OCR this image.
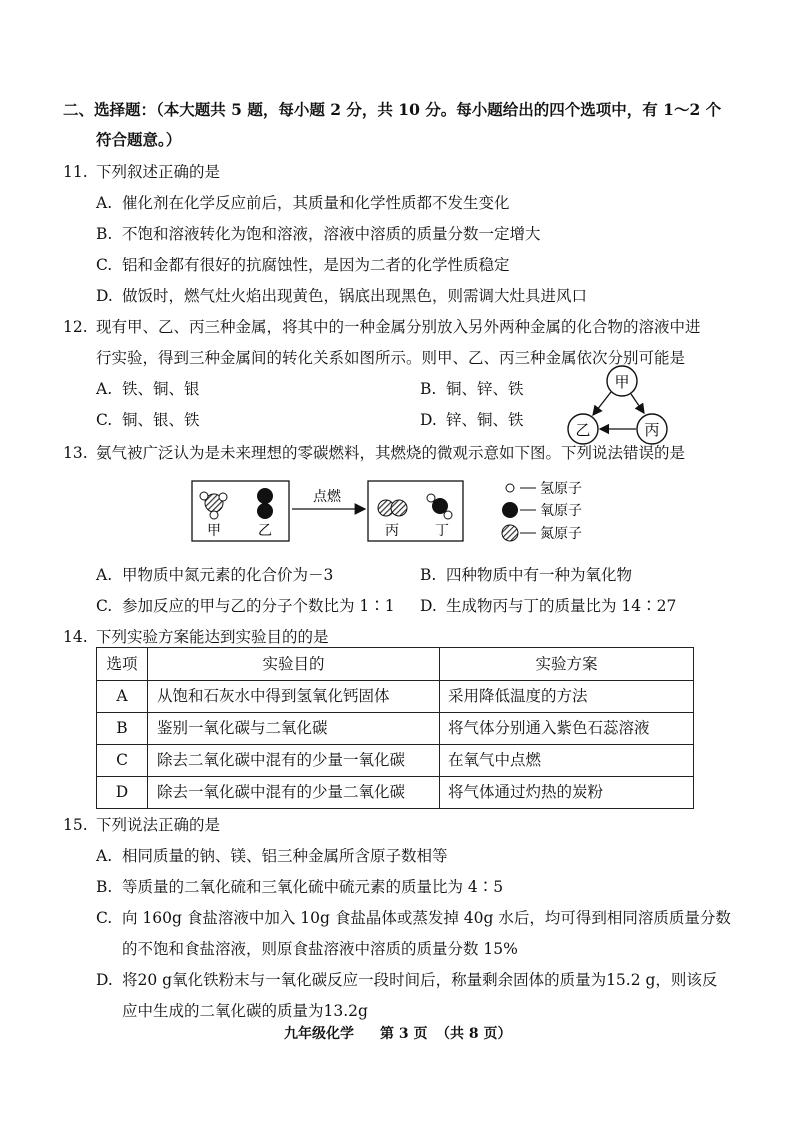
二、选择题：（本大题共 5 题，每小题 2 分，共 10 分。每小题给出的四个选项中，有 1～2 个
符合题意。）
11. 下列叙述正确的是
A. 催化剂在化学反应前后，其质量和化学性质都不发生变化
B. 不饱和溶液转化为饱和溶液，溶液中溶质的质量分数一定增大
C. 铝和金都有很好的抗腐蚀性，是因为二者的化学性质稳定
D. 做饭时，燃气灶火焰出现黄色，锅底出现黑色，则需调大灶具进风口
12. 现有甲、乙、丙三种金属，将其中的一种金属分别放入另外两种金属的化合物的溶液中进
行实验，得到三种金属间的转化关系如图所示。则甲、乙、丙三种金属依次分别可能是
A. 铁、铜、银	B. 铜、锌、铁
C. 铜、银、铁	D. 锌、铜、铁
甲
乙	丙
13. 氨气被广泛认为是未来理想的零碳燃料，其燃烧的微观示意如下图。下列说法错误的是
甲	乙
点燃
丙	丁
氢原子
氧原子
氮原子
A. 甲物质中氮元素的化合价为－3	B. 四种物质中有一种为氧化物
C. 参加反应的甲与乙的分子个数比为 1∶1 D. 生成物丙与丁的质量比为 14∶27
14. 下列实验方案能达到实验目的的是
选项	实验目的	实验方案
A	从饱和石灰水中得到氢氧化钙固体	采用降低温度的方法
B	鉴别一氧化碳与二氧化碳	将气体分别通入紫色石蕊溶液
C	除去二氧化碳中混有的少量一氧化碳	在氧气中点燃
D	除去一氧化碳中混有的少量二氧化碳	将气体通过灼热的炭粉
15. 下列说法正确的是
A. 相同质量的钠、镁、铝三种金属所含原子数相等
B. 等质量的二氧化硫和三氧化硫中硫元素的质量比为 4∶5
C. 向 160g 食盐溶液中加入 10g 食盐晶体或蒸发掉 40g 水后，均可得到相同溶质质量分数
的不饱和食盐溶液，则原食盐溶液中溶质的质量分数 15%
D. 将20 g氧化铁粉末与一氧化碳反应一段时间后，称量剩余固体的质量为15.2 g，则该反
应中生成的二氧化碳的质量为13.2g
九年级化学 第 3 页 （共 8 页）
